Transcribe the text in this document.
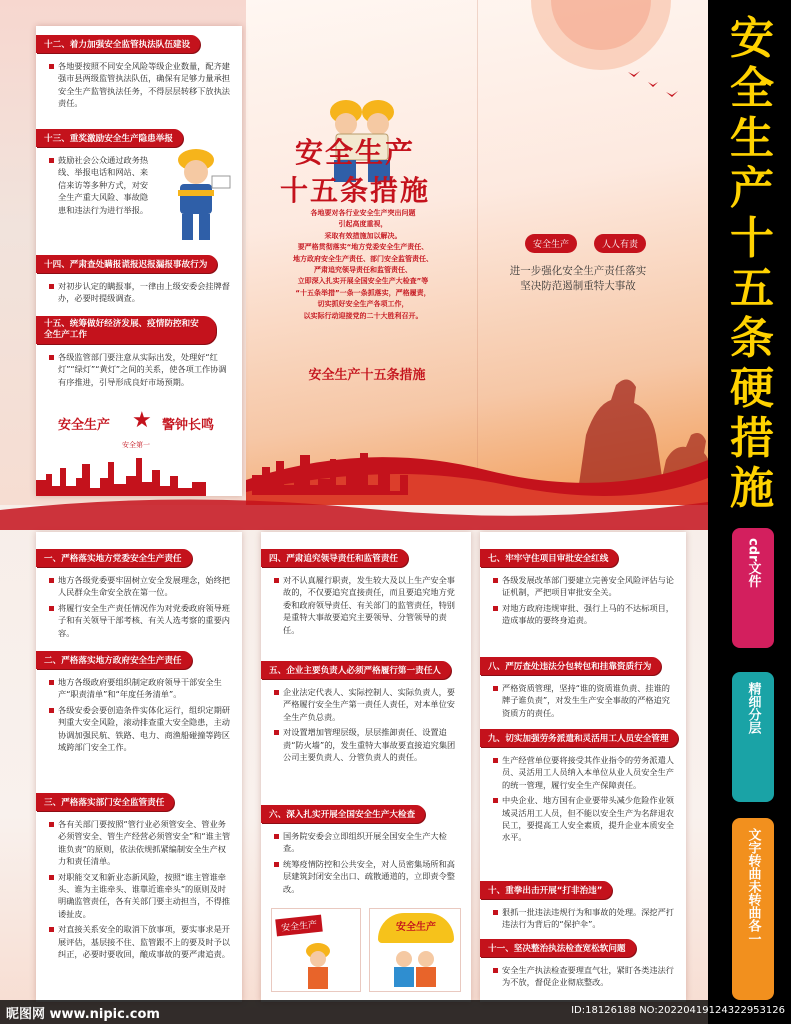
安全生产
十五条措施
安全生产	人人有责
进一步强化安全生产责任落实
坚决防范遏制重特大事故
各地要对各行业安全生产突出问题
引起高度重视，
采取有效措施加以解决。
要严格贯彻落实“地方党委安全生产责任、
地方政府安全生产责任、部门安全监管责任、
严肃追究领导责任和监管责任、
立即深入扎实开展全国安全生产大检查”等
“十五条举措”一条一条抓落实，严格履责，
切实抓好安全生产各项工作，
以实际行动迎接党的二十大胜利召开。
安全生产十五条措施
十二、着力加强安全监管执法队伍建设
各地要按照不同安全风险等级企业数量，配齐建强市县两级监管执法队伍，确保有足够力量承担安全生产监管执法任务，不得层层转移下放执法责任。
十三、重奖激励安全生产隐患举报
鼓励社会公众通过政务热线、举报电话和网站、来信来访等多种方式，对安全生产重大风险、事故隐患和违法行为进行举报。
十四、严肃查处瞒报谎报迟报漏报事故行为
对初步认定的瞒报事，一律由上级安委会挂牌督办，必要时提级调查。
十五、统筹做好经济发展、疫情防控和安全生产工作
各级监管部门要注意从实际出发，处理好“红灯”“绿灯”“黄灯”之间的关系，使各项工作协调有序推进，引导形成良好市场预期。
安全生产 ★ 警钟长鸣
安全第一
一、严格落实地方党委安全生产责任
地方各级党委要牢固树立安全发展理念，始终把人民群众生命安全放在第一位。
将履行安全生产责任情况作为对党委政府领导班子和有关领导干部考核、有关人选考察的重要内容。
二、严格落实地方政府安全生产责任
地方各级政府要组织制定政府领导干部安全生产“职责清单”和“年度任务清单”。
各级安委会要创造条件实体化运行，组织定期研判重大安全风险，滚动排查重大安全隐患，主动协调加强民航、铁路、电力、商渔船碰撞等跨区域跨部门安全工作。
三、严格落实部门安全监管责任
各有关部门要按照“管行业必须管安全、管业务必须管安全、管生产经营必须管安全”和“谁主管谁负责”的原则，依法依规抓紧编制安全生产权力和责任清单。
对职能交叉和新业态新风险，按照“谁主管谁牵头、谁为主谁牵头、谁靠近谁牵头”的原则及时明确监管责任，各有关部门要主动担当，不得推诿扯皮。
对直接关系安全的取消下放事项，要实事求是开展评估，基层接不住、监管跟不上的要及时予以纠正，必要时要收回，酿成事故的要严肃追责。
四、严肃追究领导责任和监管责任
对不认真履行职责，发生较大及以上生产安全事故的，不仅要追究直接责任，而且要追究地方党委和政府领导责任、有关部门的监管责任，特别是重特大事故要追究主要领导、分管领导的责任。
五、企业主要负责人必须严格履行第一责任人
企业法定代表人、实际控制人、实际负责人，要严格履行安全生产第一责任人责任，对本单位安全生产负总责。
对设置增加管理层级，层层推卸责任、设置追责“防火墙”的，发生重特大事故要直接追究集团公司主要负责人、分管负责人的责任。
六、深入扎实开展全国安全生产大检查
国务院安委会立即组织开展全国安全生产大检查。
统筹疫情防控和公共安全，对人员密集场所和高层建筑封闭安全出口、疏散通道的，立即责令整改。
安全生产	安全生产
七、牢牢守住项目审批安全红线
各级发展改革部门要建立完善安全风险评估与论证机制，严把项目审批安全关。
对地方政府违规审批、强行上马的不达标项目，造成事故的要终身追责。
八、严厉查处违法分包转包和挂靠资质行为
严格资质管理，坚持“谁的资质谁负责、挂谁的牌子谁负责”，对发生生产安全事故的严格追究资质方的责任。
九、切实加强劳务派遣和灵活用工人员安全管理
生产经营单位要将接受其作业指令的劳务派遣人员、灵活用工人员纳入本单位从业人员安全生产的统一管理，履行安全生产保障责任。
中央企业、地方国有企业要带头减少危险作业领域灵活用工人员，但不能以安全生产为名辞退农民工，要提高工人安全素质，提升企业本质安全水平。
十、重拳出击开展“打非治违”
狠抓一批违法违规行为和事故的处理。深挖严打违法行为背后的“保护伞”。
十一、坚决整治执法检查宽松软问题
安全生产执法检查要理直气壮，紧盯各类违法行为不放，督促企业彻底整改。
安全生产十五条硬措施
cdr文件
精细分层
文字转曲未转曲各一
昵图网 www.nipic.com	ID:18126188 NO:20220419124322953126
